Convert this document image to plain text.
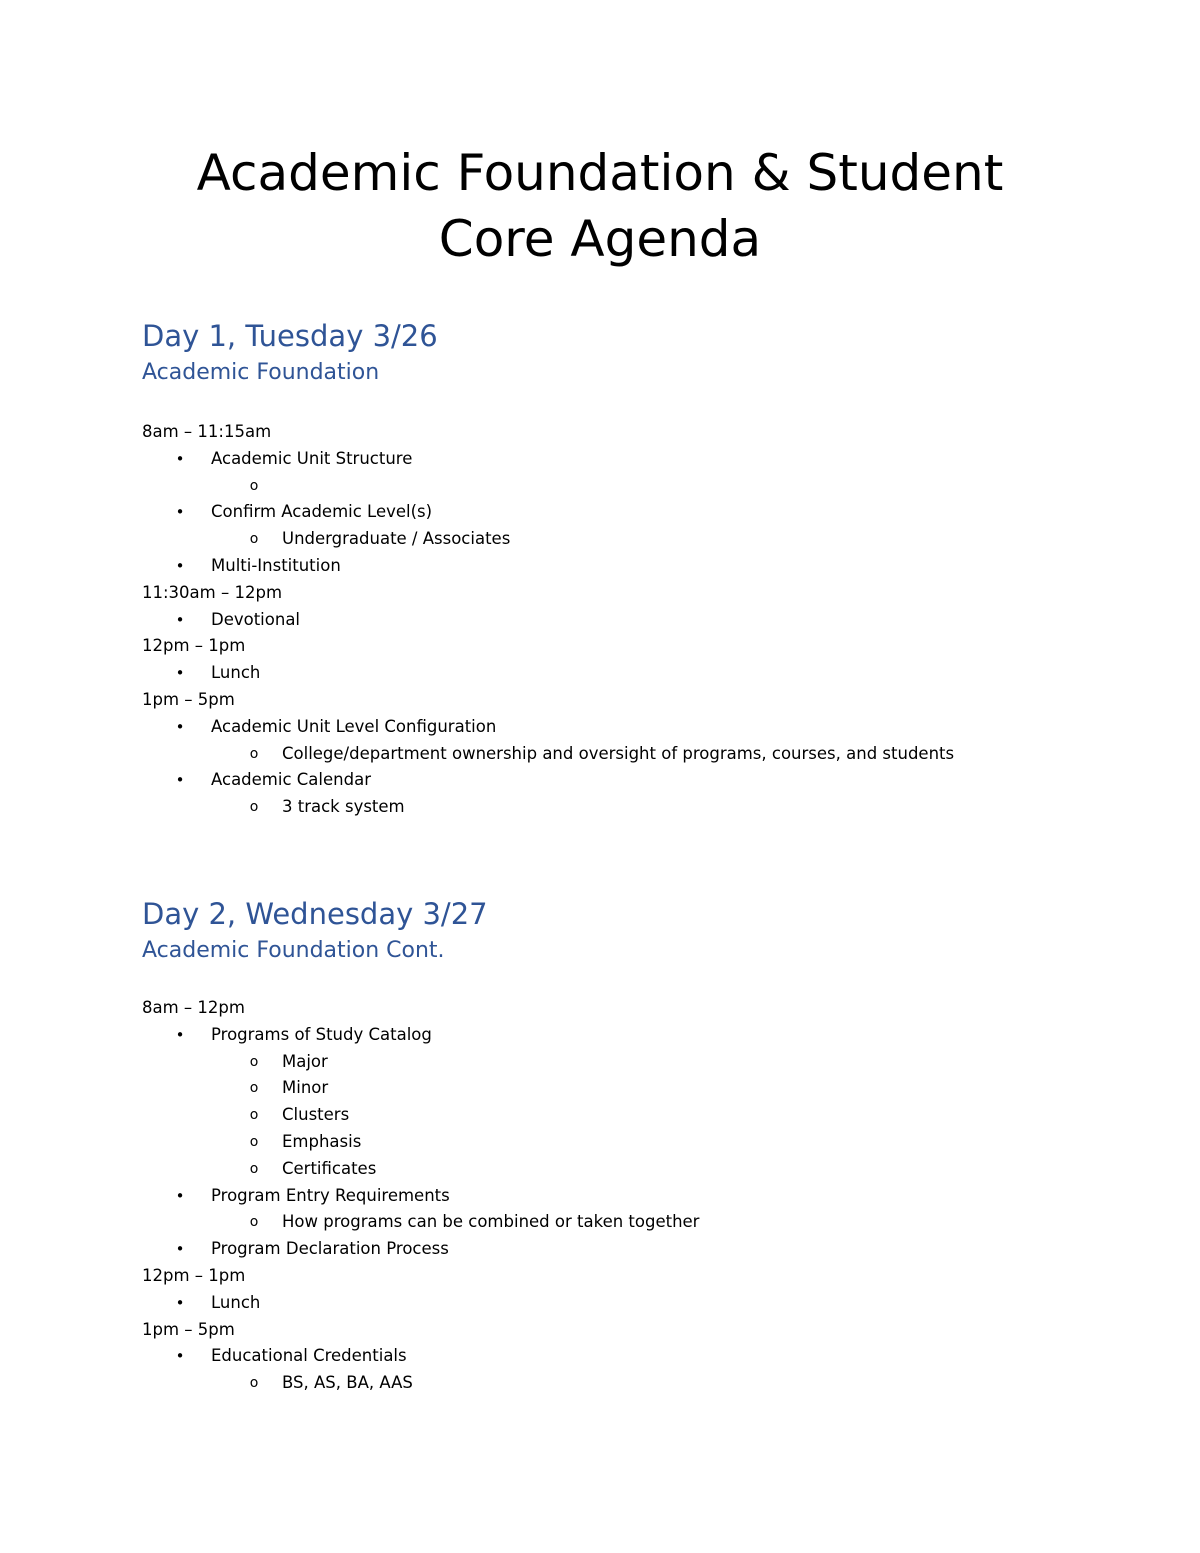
Academic Foundation & Student
Core Agenda
Day 1, Tuesday 3/26
Academic Foundation
8am – 11:15am
•	Academic Unit Structure
o
•	Confirm Academic Level(s)
o	Undergraduate / Associates
•	Multi-Institution
11:30am – 12pm
•	Devotional
12pm – 1pm
•	Lunch
1pm – 5pm
•	Academic Unit Level Configuration
o	College/department ownership and oversight of programs, courses, and students
•	Academic Calendar
o	3 track system
Day 2, Wednesday 3/27
Academic Foundation Cont.
8am – 12pm
•	Programs of Study Catalog
o	Major
o	Minor
o	Clusters
o	Emphasis
o	Certificates
•	Program Entry Requirements
o	How programs can be combined or taken together
•	Program Declaration Process
12pm – 1pm
•	Lunch
1pm – 5pm
•	Educational Credentials
o	BS, AS, BA, AAS
